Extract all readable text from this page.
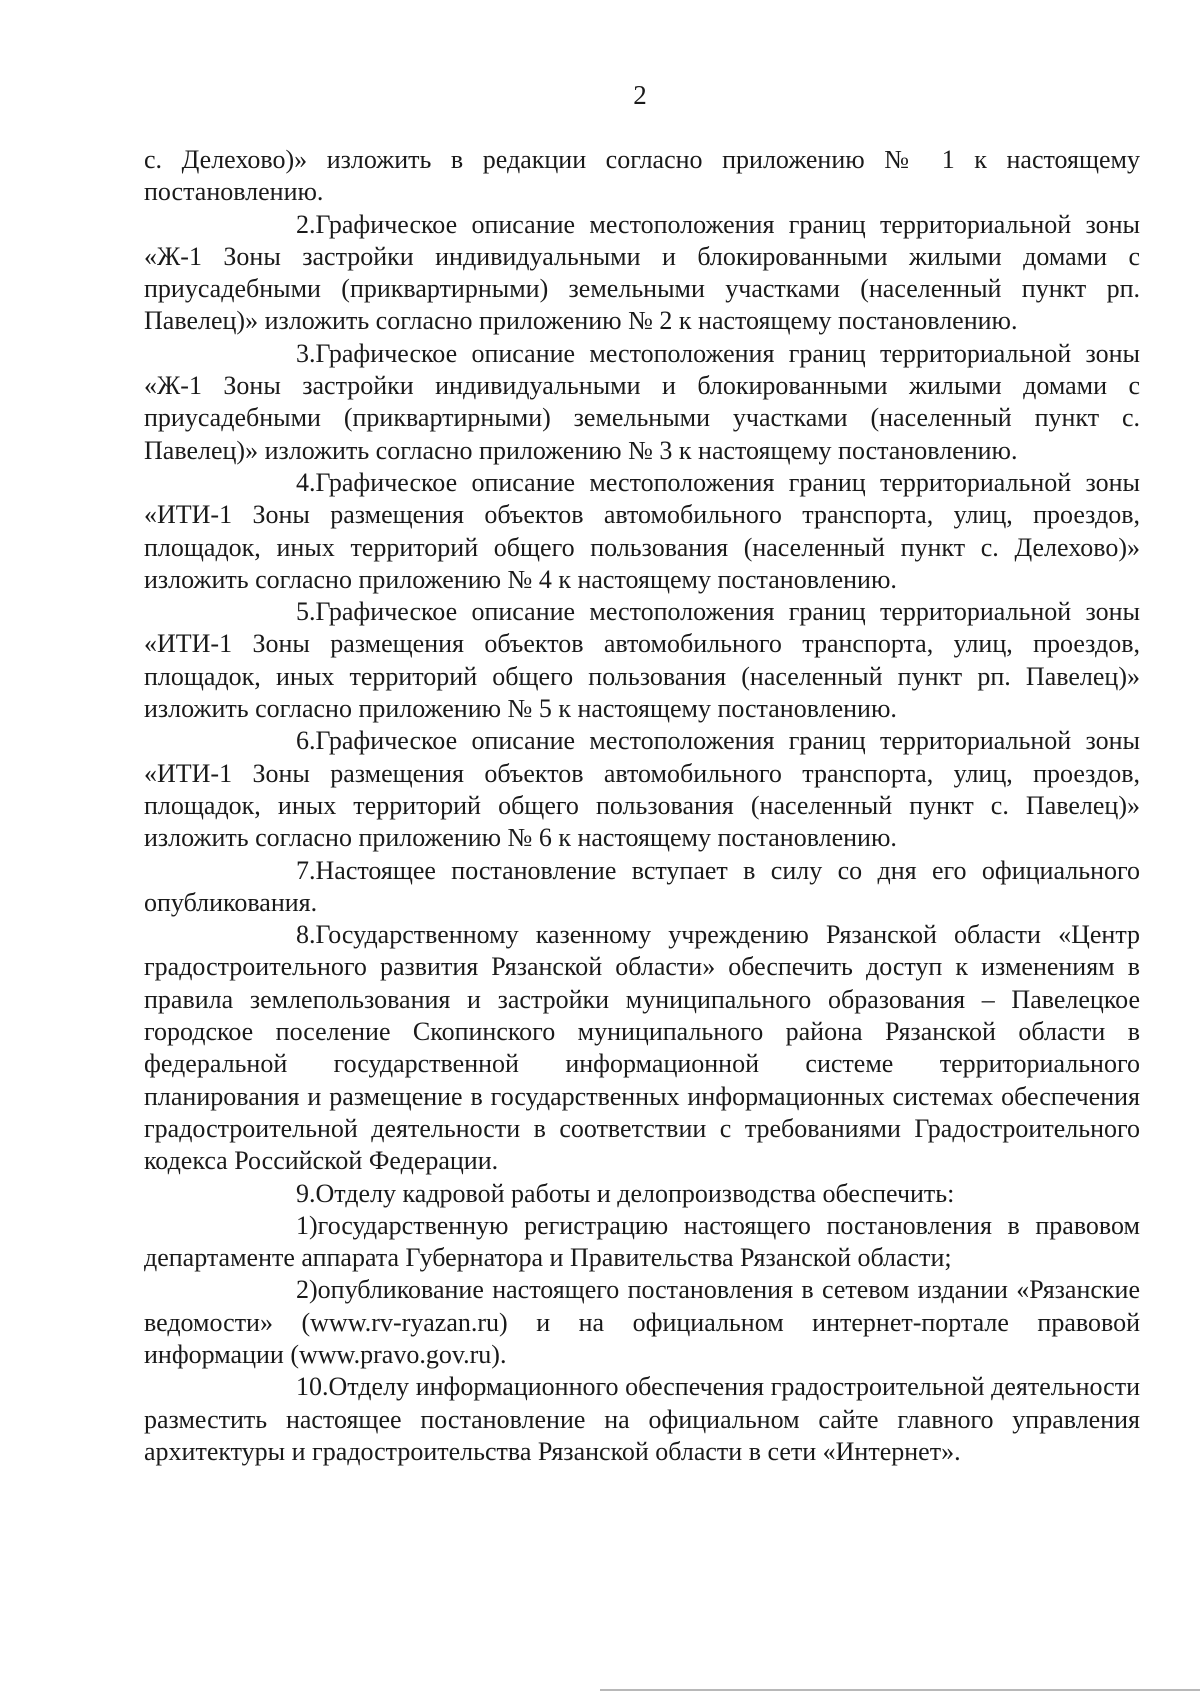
2

с. Делехово)» изложить в редакции согласно приложению № 1 к настоящему постановлению.

2.Графическое описание местоположения границ территориальной зоны «Ж-1 Зоны застройки индивидуальными и блокированными жилыми домами с приусадебными (приквартирными) земельными участками (населенный пункт рп. Павелец)» изложить согласно приложению № 2 к настоящему постановлению.

3.Графическое описание местоположения границ территориальной зоны «Ж-1 Зоны застройки индивидуальными и блокированными жилыми домами с приусадебными (приквартирными) земельными участками (населенный пункт с. Павелец)» изложить согласно приложению № 3 к настоящему постановлению.

4.Графическое описание местоположения границ территориальной зоны «ИТИ-1 Зоны размещения объектов автомобильного транспорта, улиц, проездов, площадок, иных территорий общего пользования (населенный пункт с. Делехово)» изложить согласно приложению № 4 к настоящему постановлению.

5.Графическое описание местоположения границ территориальной зоны «ИТИ-1 Зоны размещения объектов автомобильного транспорта, улиц, проездов, площадок, иных территорий общего пользования (населенный пункт рп. Павелец)» изложить согласно приложению № 5 к настоящему постановлению.

6.Графическое описание местоположения границ территориальной зоны «ИТИ-1 Зоны размещения объектов автомобильного транспорта, улиц, проездов, площадок, иных территорий общего пользования (населенный пункт с. Павелец)» изложить согласно приложению № 6 к настоящему постановлению.

7.Настоящее постановление вступает в силу со дня его официального опубликования.

8.Государственному казенному учреждению Рязанской области «Центр градостроительного развития Рязанской области» обеспечить доступ к изменениям в правила землепользования и застройки муниципального образования – Павелецкое городское поселение Скопинского муниципального района Рязанской области в федеральной государственной информационной системе территориального планирования и размещение в государственных информационных системах обеспечения градостроительной деятельности в соответствии с требованиями Градостроительного кодекса Российской Федерации.

9.Отделу кадровой работы и делопроизводства обеспечить:

1)государственную регистрацию настоящего постановления в правовом департаменте аппарата Губернатора и Правительства Рязанской области;

2)опубликование настоящего постановления в сетевом издании «Рязанские ведомости» (www.rv-ryazan.ru) и на официальном интернет-портале правовой информации (www.pravo.gov.ru).

10.Отделу информационного обеспечения градостроительной деятельности разместить настоящее постановление на официальном сайте главного управления архитектуры и градостроительства Рязанской области в сети «Интернет».
